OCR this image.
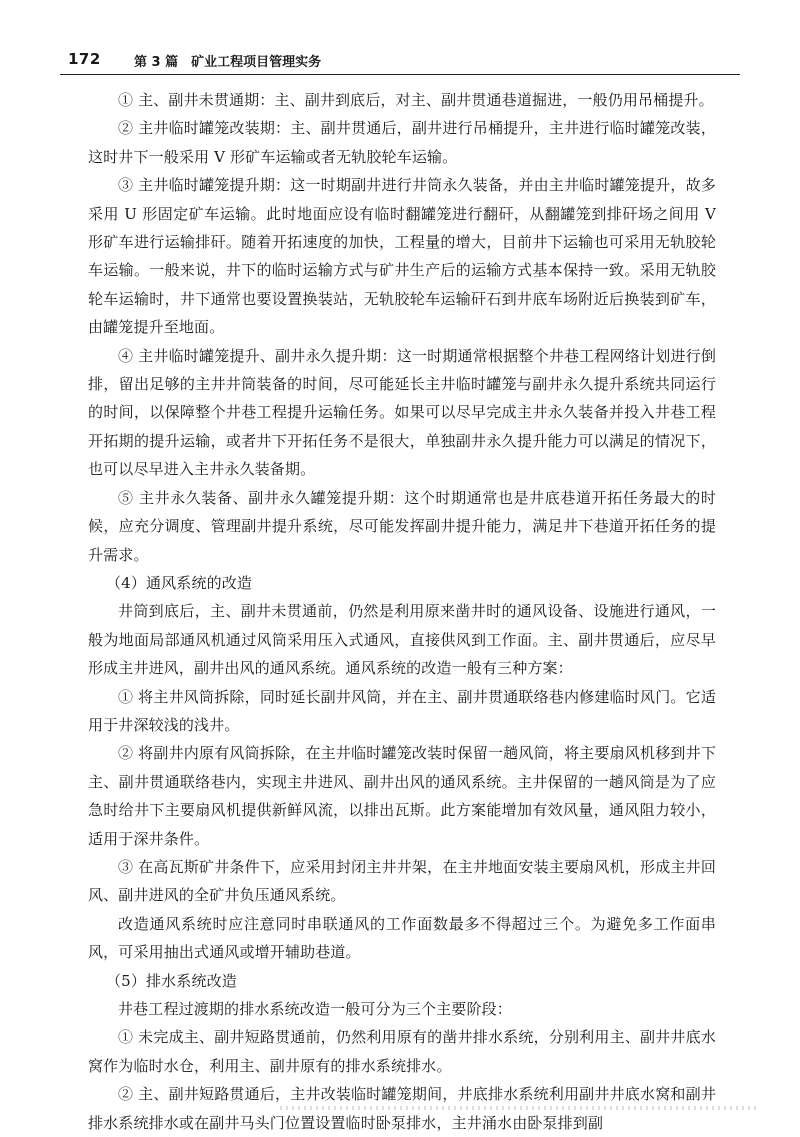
172	第 3 篇　矿业工程项目管理实务

① 主、副井未贯通期：主、副井到底后，对主、副井贯通巷道掘进，一般仍用吊桶提升。

② 主井临时罐笼改装期：主、副井贯通后，副井进行吊桶提升，主井进行临时罐笼改装，这时井下一般采用 V 形矿车运输或者无轨胶轮车运输。

③ 主井临时罐笼提升期：这一时期副井进行井筒永久装备，并由主井临时罐笼提升，故多采用 U 形固定矿车运输。此时地面应设有临时翻罐笼进行翻矸，从翻罐笼到排矸场之间用 V 形矿车进行运输排矸。随着开拓速度的加快，工程量的增大，目前井下运输也可采用无轨胶轮车运输。一般来说，井下的临时运输方式与矿井生产后的运输方式基本保持一致。采用无轨胶轮车运输时，井下通常也要设置换装站，无轨胶轮车运输矸石到井底车场附近后换装到矿车，由罐笼提升至地面。

④ 主井临时罐笼提升、副井永久提升期：这一时期通常根据整个井巷工程网络计划进行倒排，留出足够的主井井筒装备的时间，尽可能延长主井临时罐笼与副井永久提升系统共同运行的时间，以保障整个井巷工程提升运输任务。如果可以尽早完成主井永久装备并投入井巷工程开拓期的提升运输，或者井下开拓任务不是很大，单独副井永久提升能力可以满足的情况下，也可以尽早进入主井永久装备期。

⑤ 主井永久装备、副井永久罐笼提升期：这个时期通常也是井底巷道开拓任务最大的时候，应充分调度、管理副井提升系统，尽可能发挥副井提升能力，满足井下巷道开拓任务的提升需求。

（4）通风系统的改造

井筒到底后，主、副井未贯通前，仍然是利用原来凿井时的通风设备、设施进行通风，一般为地面局部通风机通过风筒采用压入式通风，直接供风到工作面。主、副井贯通后，应尽早形成主井进风，副井出风的通风系统。通风系统的改造一般有三种方案：

① 将主井风筒拆除，同时延长副井风筒，并在主、副井贯通联络巷内修建临时风门。它适用于井深较浅的浅井。

② 将副井内原有风筒拆除，在主井临时罐笼改装时保留一趟风筒，将主要扇风机移到井下主、副井贯通联络巷内，实现主井进风、副井出风的通风系统。主井保留的一趟风筒是为了应急时给井下主要扇风机提供新鲜风流，以排出瓦斯。此方案能增加有效风量，通风阻力较小，适用于深井条件。

③ 在高瓦斯矿井条件下，应采用封闭主井井架，在主井地面安装主要扇风机，形成主井回风、副井进风的全矿井负压通风系统。

改造通风系统时应注意同时串联通风的工作面数最多不得超过三个。为避免多工作面串风，可采用抽出式通风或增开辅助巷道。

（5）排水系统改造

井巷工程过渡期的排水系统改造一般可分为三个主要阶段：

① 未完成主、副井短路贯通前，仍然利用原有的凿井排水系统，分别利用主、副井井底水窝作为临时水仓，利用主、副井原有的排水系统排水。

② 主、副井短路贯通后，主井改装临时罐笼期间，井底排水系统利用副井井底水窝和副井排水系统排水或在副井马头门位置设置临时卧泵排水，主井涌水由卧泵排到副
